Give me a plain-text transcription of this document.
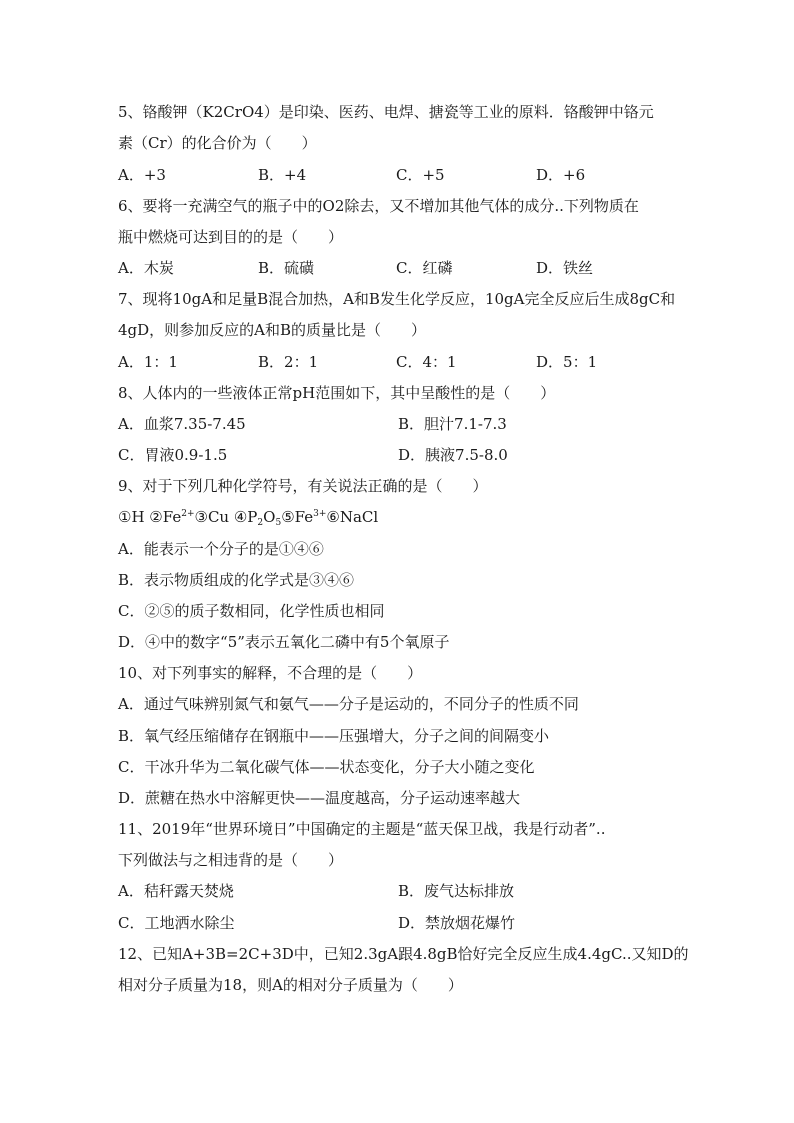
5、铬酸钾（K2CrO4）是印染、医药、电焊、搪瓷等工业的原料．铬酸钾中铬元
素（Cr）的化合价为（　　）
A．+3	B．+4	C．+5	D．+6
6、要将一充满空气的瓶子中的O2除去，又不增加其他气体的成分..下列物质在
瓶中燃烧可达到目的的是（　　）
A．木炭	B．硫磺	C．红磷	D．铁丝
7、现将10gA和足量B混合加热，A和B发生化学反应，10gA完全反应后生成8gC和
4gD，则参加反应的A和B的质量比是（　　）
A．1：1	B．2：1	C．4：1	D．5：1
8、人体内的一些液体正常pH范围如下，其中呈酸性的是（　　）
A．血浆7.35-7.45	B．胆汁7.1-7.3
C．胃液0.9-1.5	D．胰液7.5-8.0
9、对于下列几种化学符号，有关说法正确的是（　　）
①H $②Fe^{2+}③Cu$ $④P_2O_5⑤Fe^{3+}⑥NaCl$
A．能表示一个分子的是①④⑥
B．表示物质组成的化学式是③④⑥
C．②⑤的质子数相同，化学性质也相同
D．④中的数字“5”表示五氧化二磷中有5个氧原子
10、对下列事实的解释，不合理的是（　　）
A．通过气味辨别氮气和氨气——分子是运动的，不同分子的性质不同
B．氧气经压缩储存在钢瓶中——压强增大，分子之间的间隔变小
C．干冰升华为二氧化碳气体——状态变化，分子大小随之变化
D．蔗糖在热水中溶解更快——温度越高，分子运动速率越大
11、2019年“世界环境日”中国确定的主题是“蓝天保卫战，我是行动者”..
下列做法与之相违背的是（　　）
A．秸秆露天焚烧	B．废气达标排放
C．工地洒水除尘	D．禁放烟花爆竹
12、已知A+3B=2C+3D中，已知2.3gA跟4.8gB恰好完全反应生成4.4gC..又知D的
相对分子质量为18，则A的相对分子质量为（　　）
